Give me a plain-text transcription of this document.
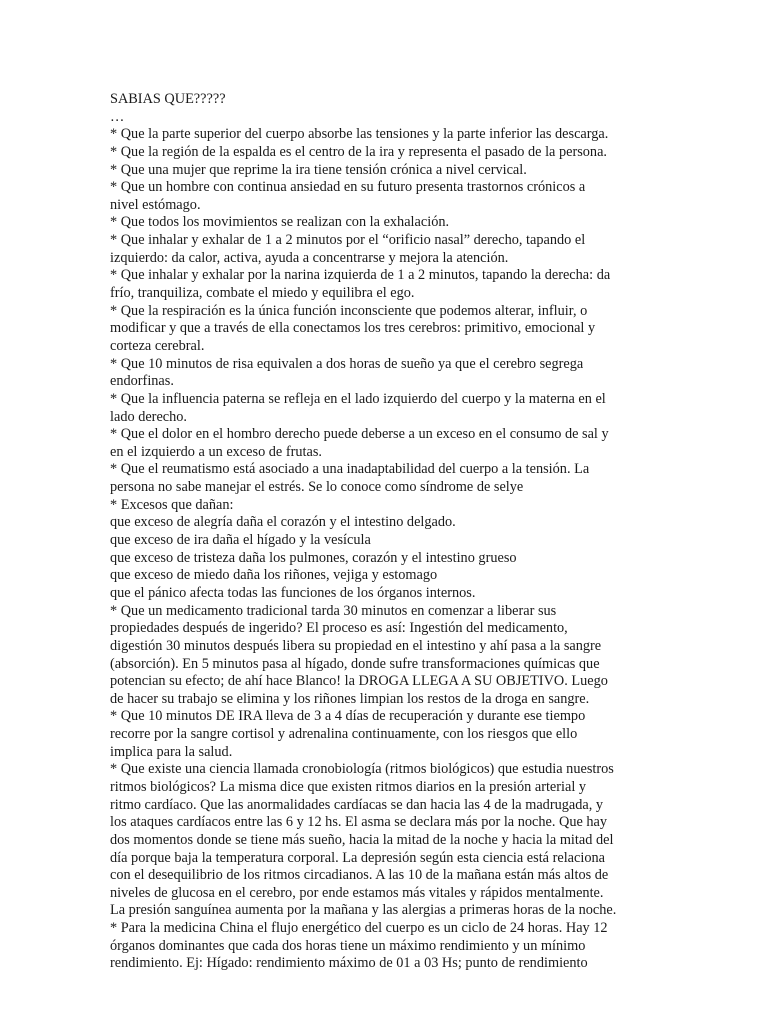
SABIAS QUE?????
…
* Que la parte superior del cuerpo absorbe las tensiones y la parte inferior las descarga.
* Que la región de la espalda es el centro de la ira y representa el pasado de la persona.
* Que una mujer que reprime la ira tiene tensión crónica a nivel cervical.
* Que un hombre con continua ansiedad en su futuro presenta trastornos crónicos a
nivel estómago.
* Que todos los movimientos se realizan con la exhalación.
* Que inhalar y exhalar de 1 a 2 minutos por el “orificio nasal” derecho, tapando el
izquierdo: da calor, activa, ayuda a concentrarse y mejora la atención.
* Que inhalar y exhalar por la narina izquierda de 1 a 2 minutos, tapando la derecha: da
frío, tranquiliza, combate el miedo y equilibra el ego.
* Que la respiración es la única función inconsciente que podemos alterar, influir, o
modificar y que a través de ella conectamos los tres cerebros: primitivo, emocional y
corteza cerebral.
* Que 10 minutos de risa equivalen a dos horas de sueño ya que el cerebro segrega
endorfinas.
* Que la influencia paterna se refleja en el lado izquierdo del cuerpo y la materna en el
lado derecho.
* Que el dolor en el hombro derecho puede deberse a un exceso en el consumo de sal y
en el izquierdo a un exceso de frutas.
* Que el reumatismo está asociado a una inadaptabilidad del cuerpo a la tensión. La
persona no sabe manejar el estrés. Se lo conoce como síndrome de selye
* Excesos que dañan:
que exceso de alegría daña el corazón y el intestino delgado.
que exceso de ira daña el hígado y la vesícula
que exceso de tristeza daña los pulmones, corazón y el intestino grueso
que exceso de miedo daña los riñones, vejiga y estomago
que el pánico afecta todas las funciones de los órganos internos.
* Que un medicamento tradicional tarda 30 minutos en comenzar a liberar sus
propiedades después de ingerido? El proceso es así: Ingestión del medicamento,
digestión 30 minutos después libera su propiedad en el intestino y ahí pasa a la sangre
(absorción). En 5 minutos pasa al hígado, donde sufre transformaciones químicas que
potencian su efecto; de ahí hace Blanco! la DROGA LLEGA A SU OBJETIVO. Luego
de hacer su trabajo se elimina y los riñones limpian los restos de la droga en sangre.
* Que 10 minutos DE IRA lleva de 3 a 4 días de recuperación y durante ese tiempo
recorre por la sangre cortisol y adrenalina continuamente, con los riesgos que ello
implica para la salud.
* Que existe una ciencia llamada cronobiología (ritmos biológicos) que estudia nuestros
ritmos biológicos? La misma dice que existen ritmos diarios en la presión arterial y
ritmo cardíaco. Que las anormalidades cardíacas se dan hacia las 4 de la madrugada, y
los ataques cardíacos entre las 6 y 12 hs. El asma se declara más por la noche. Que hay
dos momentos donde se tiene más sueño, hacia la mitad de la noche y hacia la mitad del
día porque baja la temperatura corporal. La depresión según esta ciencia está relaciona
con el desequilibrio de los ritmos circadianos. A las 10 de la mañana están más altos de
niveles de glucosa en el cerebro, por ende estamos más vitales y rápidos mentalmente.
La presión sanguínea aumenta por la mañana y las alergias a primeras horas de la noche.
* Para la medicina China el flujo energético del cuerpo es un ciclo de 24 horas. Hay 12
órganos dominantes que cada dos horas tiene un máximo rendimiento y un mínimo
rendimiento. Ej: Hígado: rendimiento máximo de 01 a 03 Hs; punto de rendimiento
